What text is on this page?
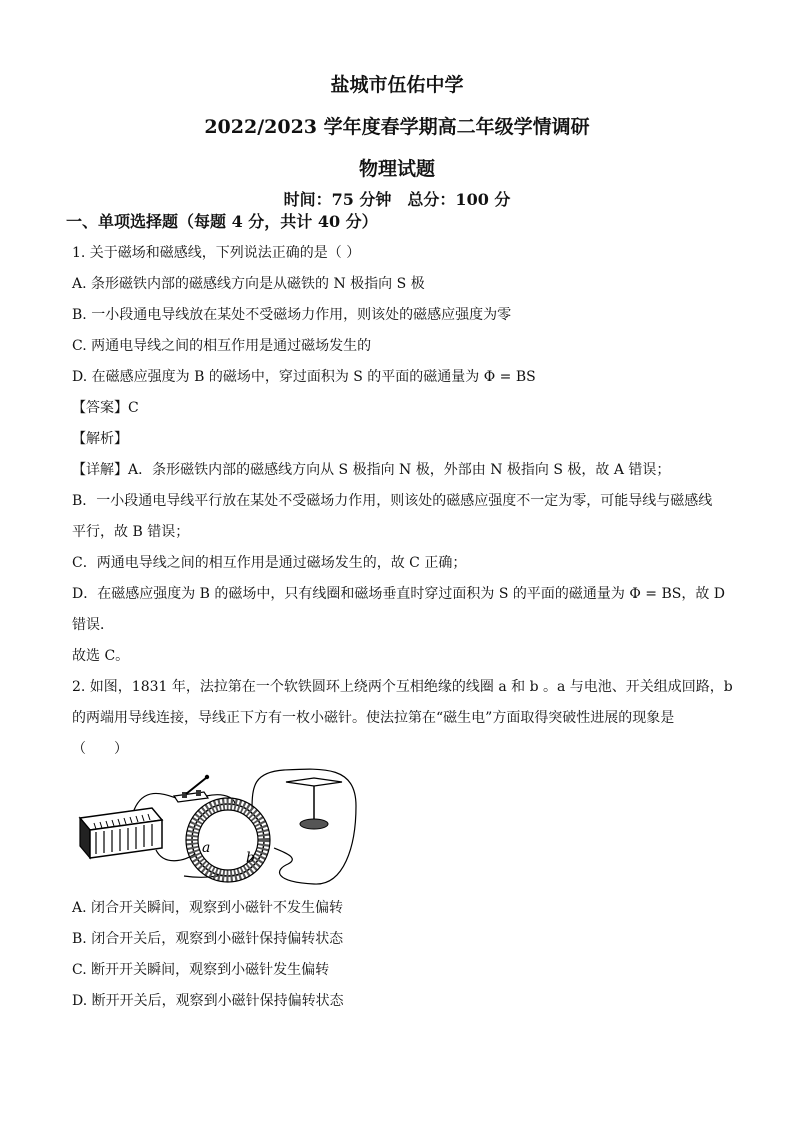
盐城市伍佑中学
2022/2023 学年度春学期高二年级学情调研
物理试题
时间：75 分钟　总分：100 分
一、单项选择题（每题 4 分，共计 40 分）
1. 关于磁场和磁感线，下列说法正确的是（ ）
A. 条形磁铁内部的磁感线方向是从磁铁的 N 极指向 S 极
B. 一小段通电导线放在某处不受磁场力作用，则该处的磁感应强度为零
C. 两通电导线之间的相互作用是通过磁场发生的
D. 在磁感应强度为 B 的磁场中，穿过面积为 S 的平面的磁通量为 Φ = BS
【答案】C
【解析】
【详解】A．条形磁铁内部的磁感线方向从 S 极指向 N 极，外部由 N 极指向 S 极，故 A 错误；
B．一小段通电导线平行放在某处不受磁场力作用，则该处的磁感应强度不一定为零，可能导线与磁感线
平行，故 B 错误；
C．两通电导线之间的相互作用是通过磁场发生的，故 C 正确；
D．在磁感应强度为 B 的磁场中，只有线圈和磁场垂直时穿过面积为 S 的平面的磁通量为 Φ = BS，故 D
错误．
故选 C。
2. 如图，1831 年，法拉第在一个软铁圆环上绕两个互相绝缘的线圈 a 和 b 。a 与电池、开关组成回路，b
的两端用导线连接，导线正下方有一枚小磁针。使法拉第在“磁生电”方面取得突破性进展的现象是
（　　）
a
b
A. 闭合开关瞬间，观察到小磁针不发生偏转
B. 闭合开关后，观察到小磁针保持偏转状态
C. 断开开关瞬间，观察到小磁针发生偏转
D. 断开开关后，观察到小磁针保持偏转状态
